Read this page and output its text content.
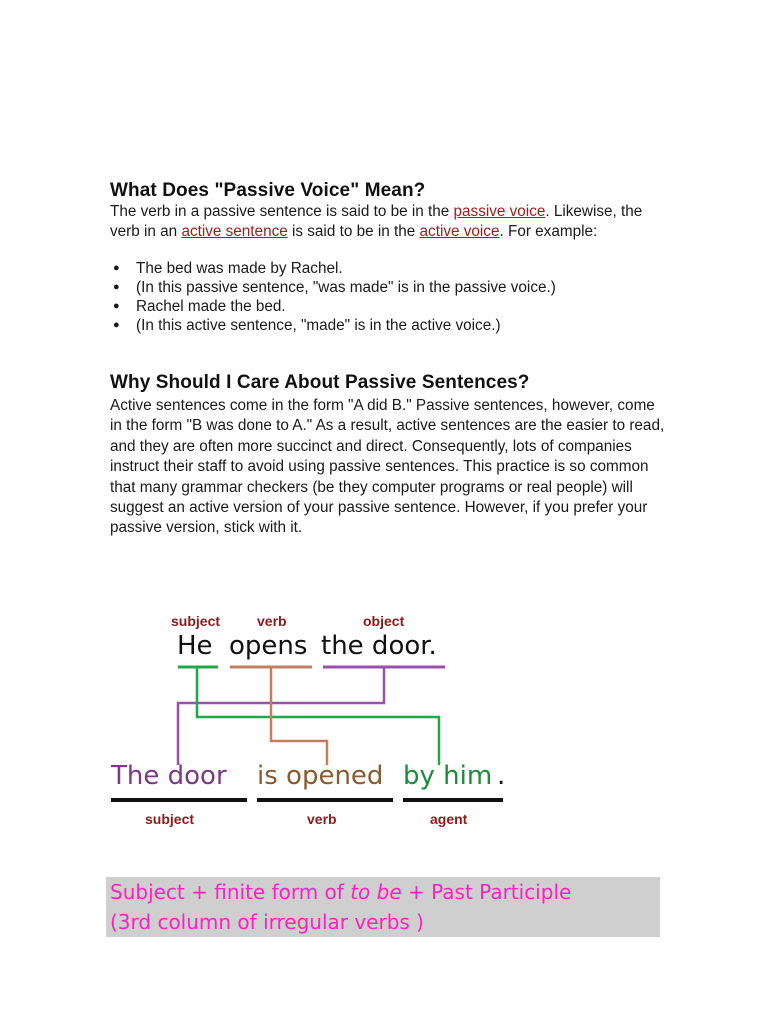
What Does "Passive Voice" Mean?

The verb in a passive sentence is said to be in the passive voice. Likewise, the verb in an active sentence is said to be in the active voice. For example:

● The bed was made by Rachel.
● (In this passive sentence, "was made" is in the passive voice.)
● Rachel made the bed.
● (In this active sentence, "made" is in the active voice.)
Why Should I Care About Passive Sentences?

Active sentences come in the form "A did B." Passive sentences, however, come in the form "B was done to A." As a result, active sentences are the easier to read, and they are often more succinct and direct. Consequently, lots of companies instruct their staff to avoid using passive sentences. This practice is so common that many grammar checkers (be they computer programs or real people) will suggest an active version of your passive sentence. However, if you prefer your passive version, stick with it.

subject	verb	object
He opens the door.
The door is opened by him .
subject	verb	agent
Subject + finite form of to be + Past Participle
(3rd column of irregular verbs )
